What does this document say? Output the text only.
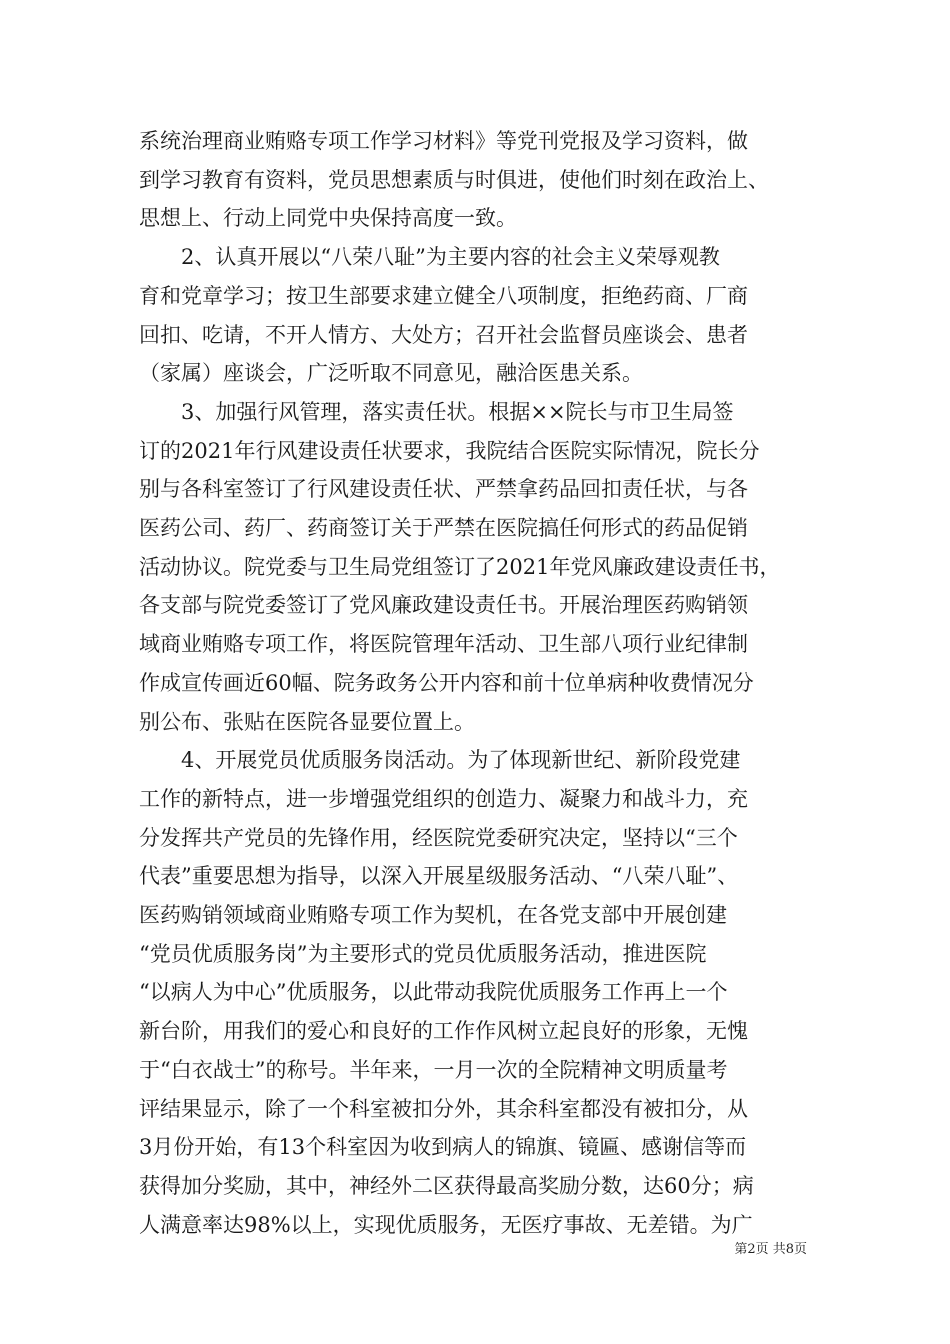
系统治理商业贿赂专项工作学习材料》等党刊党报及学习资料，做
到学习教育有资料，党员思想素质与时俱进，使他们时刻在政治上、
思想上、行动上同党中央保持高度一致。

　　2、认真开展以“八荣八耻”为主要内容的社会主义荣辱观教
育和党章学习；按卫生部要求建立健全八项制度，拒绝药商、厂商
回扣、吃请，不开人情方、大处方；召开社会监督员座谈会、患者
（家属）座谈会，广泛听取不同意见，融洽医患关系。

　　3、加强行风管理，落实责任状。根据××院长与市卫生局签
订的2021年行风建设责任状要求，我院结合医院实际情况，院长分
别与各科室签订了行风建设责任状、严禁拿药品回扣责任状，与各
医药公司、药厂、药商签订关于严禁在医院搞任何形式的药品促销
活动协议。院党委与卫生局党组签订了2021年党风廉政建设责任书，
各支部与院党委签订了党风廉政建设责任书。开展治理医药购销领
域商业贿赂专项工作，将医院管理年活动、卫生部八项行业纪律制
作成宣传画近60幅、院务政务公开内容和前十位单病种收费情况分
别公布、张贴在医院各显要位置上。

　　4、开展党员优质服务岗活动。为了体现新世纪、新阶段党建
工作的新特点，进一步增强党组织的创造力、凝聚力和战斗力，充
分发挥共产党员的先锋作用，经医院党委研究决定，坚持以“三个
代表”重要思想为指导，以深入开展星级服务活动、“八荣八耻”、
医药购销领域商业贿赂专项工作为契机，在各党支部中开展创建
“党员优质服务岗”为主要形式的党员优质服务活动，推进医院
“以病人为中心”优质服务，以此带动我院优质服务工作再上一个
新台阶，用我们的爱心和良好的工作作风树立起良好的形象，无愧
于“白衣战士”的称号。半年来，一月一次的全院精神文明质量考
评结果显示，除了一个科室被扣分外，其余科室都没有被扣分，从
3月份开始，有13个科室因为收到病人的锦旗、镜匾、感谢信等而
获得加分奖励，其中，神经外二区获得最高奖励分数，达60分；病
人满意率达98%以上，实现优质服务，无医疗事故、无差错。为广

第2页 共8页
